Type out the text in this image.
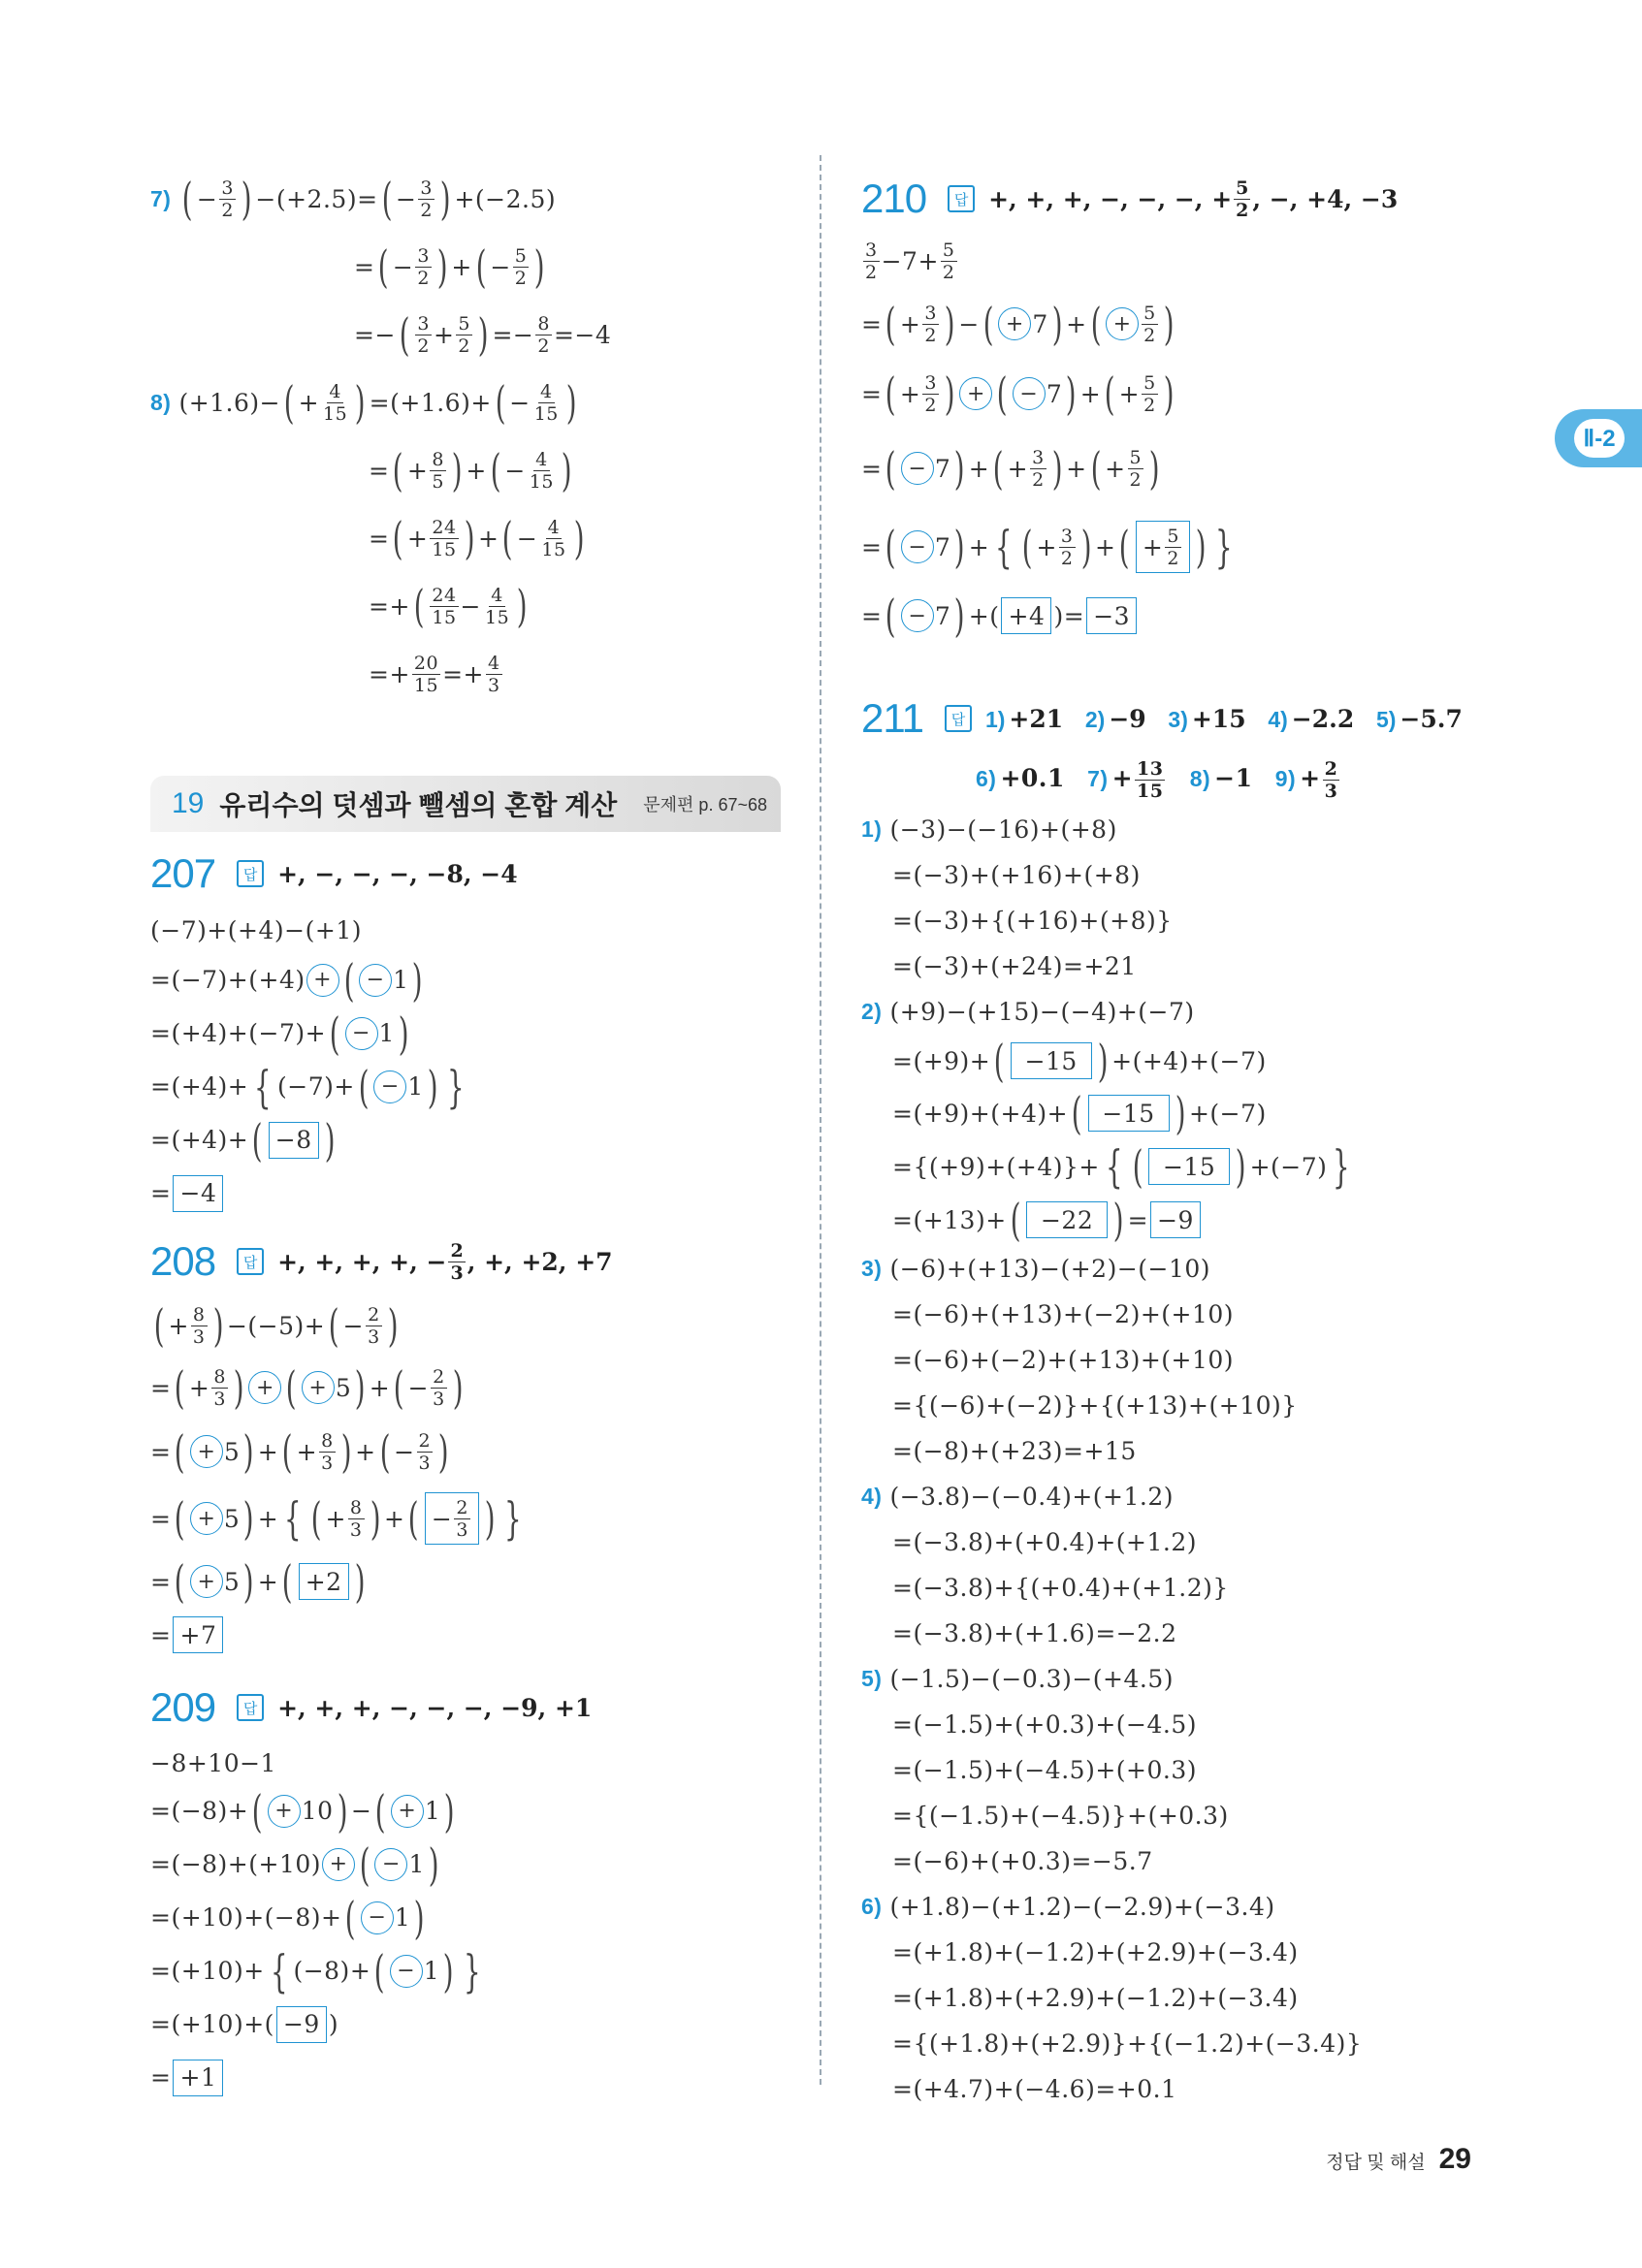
7) ( − $\frac{3}{2}$ ) −(+2.5)= ( − $\frac{3}{2}$ ) +(−2.5)
= ( − $\frac{3}{2}$ ) + ( − $\frac{5}{2}$ )
=− ( $\frac{3}{2} + \frac{5}{2}$ ) =− $\frac{8}{2} =-4$
8) (+1.6)− ( + $\frac{4}{15}$ ) =(+1.6)+ ( − $\frac{4}{15}$ )
= ( + $\frac{8}{5}$ ) + ( − $\frac{4}{15}$ )
= ( + $\frac{24}{15}$ ) + ( − $\frac{4}{15}$ )
=+ ( $\frac{24}{15} - \frac{4}{15}$ )
=+ $\frac{20}{15} =+ \frac{4}{3}$
19 유리수의 덧셈과 뺄셈의 혼합 계산 문제편 p. 67~68
207	답 +, −, −, −, −8, −4
(−7)+(+4)−(+1)
=(−7)+(+4) + ( − 1 )
=(+4)+(−7)+ ( − 1 )
=(+4)+ { (−7)+ ( − 1 ) }
=(+4)+ ( −8 )
= −4
208	답 +, +, +, +, − $\frac{2}{3}$ , +, +2, +7
( + $\frac{8}{3}$ ) −(−5)+ ( − $\frac{2}{3}$ )
= ( + $\frac{8}{3}$ ) + ( + 5 ) + ( − $\frac{2}{3}$ )
= ( + 5 ) + ( + $\frac{8}{3}$ ) + ( − $\frac{2}{3}$ )
= ( + 5 ) + { ( + $\frac{8}{3}$ ) + ( − $\frac{2}{3}$ ) }
= ( + 5 ) + ( +2 )
= +7
209	답 +, +, +, −, −, −, −9, +1
−8+10−1
=(−8)+ ( + 10 ) − ( + 1 )
=(−8)+(+10) + ( − 1 )
=(+10)+(−8)+ ( − 1 )
=(+10)+ { (−8)+ ( − 1 ) }
=(+10)+( −9 )
= +1
210	답 +, +, +, −, −, −, + $\frac{5}{2}$ , −, +4, −3
$\frac{3}{2} -7+ \frac{5}{2}$
= ( + $\frac{3}{2}$ ) − ( + 7 ) + ( + $\frac{5}{2}$ )
= ( + $\frac{3}{2}$ ) + ( − 7 ) + ( + $\frac{5}{2}$ )
= ( − 7 ) + ( + $\frac{3}{2}$ ) + ( + $\frac{5}{2}$ )
= ( − 7 ) + { ( + $\frac{3}{2}$ ) + ( + $\frac{5}{2}$ ) }
= ( − 7 ) +( +4 )= −3
211	답 1) +21 2) −9 3) +15 4) −2.2 5) −5.7
6) +0.1 $7) + \frac{13}{15} 8) -1$ $9) + \frac{2}{3}$
1) (−3)−(−16)+(+8)
=(−3)+(+16)+(+8)
=(−3)+{(+16)+(+8)}
=(−3)+(+24)=+21
2) (+9)−(+15)−(−4)+(−7)
=(+9)+ ( −15 ) +(+4)+(−7)
=(+9)+(+4)+ ( −15 ) +(−7)
={(+9)+(+4)}+ { ( −15 ) +(−7) }
=(+13)+ ( −22 ) = −9
3) (−6)+(+13)−(+2)−(−10)
=(−6)+(+13)+(−2)+(+10)
=(−6)+(−2)+(+13)+(+10)
={(−6)+(−2)}+{(+13)+(+10)}
=(−8)+(+23)=+15
4) (−3.8)−(−0.4)+(+1.2)
=(−3.8)+(+0.4)+(+1.2)
=(−3.8)+{(+0.4)+(+1.2)}
=(−3.8)+(+1.6)=−2.2
5) (−1.5)−(−0.3)−(+4.5)
=(−1.5)+(+0.3)+(−4.5)
=(−1.5)+(−4.5)+(+0.3)
={(−1.5)+(−4.5)}+(+0.3)
=(−6)+(+0.3)=−5.7
6) (+1.8)−(+1.2)−(−2.9)+(−3.4)
=(+1.8)+(−1.2)+(+2.9)+(−3.4)
=(+1.8)+(+2.9)+(−1.2)+(−3.4)
={(+1.8)+(+2.9)}+{(−1.2)+(−3.4)}
=(+4.7)+(−4.6)=+0.1
Ⅱ-2
정답 및 해설 29
